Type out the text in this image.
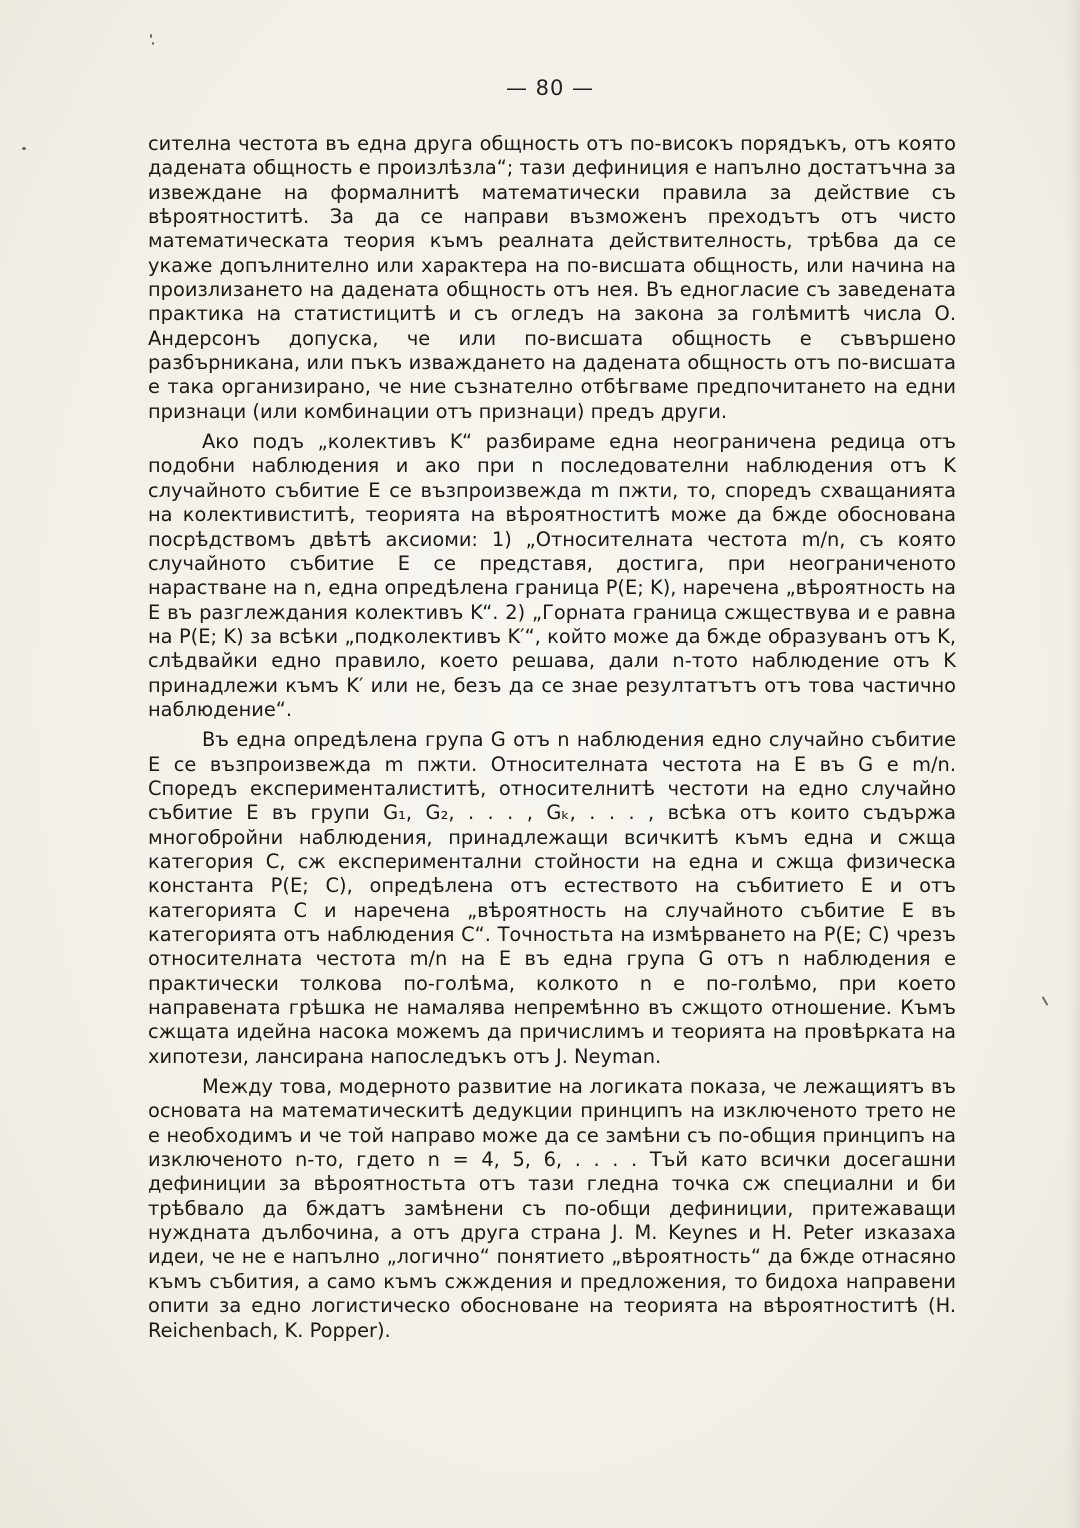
— 80 —

сителна честота въ една друга общность отъ по-високъ порядъкъ, отъ която дадената общность е произлѣзла“; тази дефиниция е напълно достатъчна за извеждане на формалнитѣ математически правила за действие съ вѣроятноститѣ. За да се направи възможенъ преходътъ отъ чисто математическата теория къмъ реалната действителность, трѣбва да се укаже допълнително или характера на по-висшата общность, или начина на произлизането на дадената общность отъ нея. Въ едногласие съ заведената практика на статистицитѣ и съ огледъ на закона за голѣмитѣ числа О. Андерсонъ допуска, че или по-висшата общность е съвършено разбърникана, или пъкъ изваждането на дадената общность отъ по-висшата е така организирано, че ние съзнателно отбѣгваме предпочитането на едни признаци (или комбинации отъ признаци) предъ други.

Ако подъ „колективъ K“ разбираме една неограничена редица отъ подобни наблюдения и ако при n последователни наблюдения отъ K случайното събитие E се възпроизвежда m пжти, то, споредъ схващанията на колективиститѣ, теорията на вѣроятноститѣ може да бжде обоснована посрѣдствомъ двѣтѣ аксиоми: 1) „Относителната честота m/n, съ която случайното събитие E се представя, достига, при неограниченото нарастване на n, една опредѣлена граница P(E; K), наречена „вѣроятность на E въ разглеждания колективъ K“. 2) „Горната граница сжществува и е равна на P(E; K) за всѣки „подколективъ K′“, който може да бжде образуванъ отъ K, слѣдвайки едно правило, което решава, дали n-тото наблюдение отъ K принадлежи къмъ K′ или не, безъ да се знае резултатътъ отъ това частично наблюдение“.

Въ една опредѣлена група G отъ n наблюдения едно случайно събитие E се възпроизвежда m пжти. Относителната честота на E въ G е m/n. Споредъ експерименталиститѣ, относителнитѣ честоти на едно случайно събитие E въ групи G₁, G₂, . . . , Gₖ, . . . , всѣка отъ които съдържа многобройни наблюдения, принадлежащи всичкитѣ къмъ една и сжща категория C, сж експериментални стойности на една и сжща физическа константа P(E; C), опредѣлена отъ естеството на събитието E и отъ категорията C и наречена „вѣроятность на случайното събитие E въ категорията отъ наблюдения C“. Точностьта на измѣрването на P(E; C) чрезъ относителната честота m/n на E въ една група G отъ n наблюдения е практически толкова по-голѣма, колкото n е по-голѣмо, при което направената грѣшка не намалява непремѣнно въ сжщото отношение. Къмъ сжщата идейна насока можемъ да причислимъ и теорията на провѣрката на хипотези, лансирана напоследъкъ отъ J. Neyman.

Между това, модерното развитие на логиката показа, че лежащиятъ въ основата на математическитѣ дедукции принципъ на изключеното трето не е необходимъ и че той направо може да се замѣни съ по-общия принципъ на изключеното n-то, гдето n = 4, 5, 6, . . . . Тъй като всички досегашни дефиниции за вѣроятностьта отъ тази гледна точка сж специални и би трѣбвало да бждатъ замѣнени съ по-общи дефиниции, притежаващи нуждната дълбочина, а отъ друга страна J. M. Keynes и H. Peter изказаха идеи, че не е напълно „логично“ понятието „вѣроятность“ да бжде отнасяно къмъ събития, а само къмъ сжждения и предложения, то бидоха направени опити за едно логистическо обосноване на теорията на вѣроятноститѣ (H. Reichenbach, K. Popper).
